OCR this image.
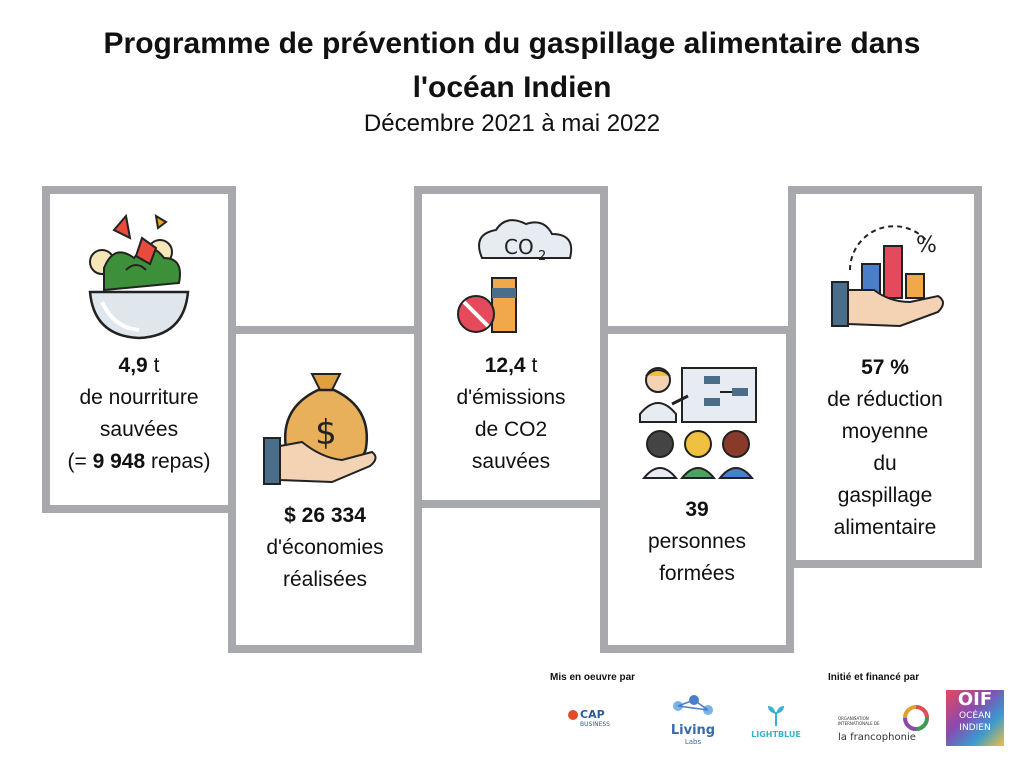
Programme de prévention du gaspillage alimentaire dans
l'océan Indien
Décembre 2021 à mai 2022
4,9 t
de nourriture
sauvées
(= 9 948 repas)
$
$ 26 334
d'économies
réalisées
CO 2
12,4 t
d'émissions
de CO2
sauvées
39
personnes
formées
%
57 %
de réduction
moyenne
du
gaspillage
alimentaire
Mis en oeuvre par	Initié et financé par
CAP
BUSINESS	Living
Labs
LIGHTBLUE
ORGANISATION INTERNATIONALE DE
la francophonie
OIF
OCÉAN
INDIEN
